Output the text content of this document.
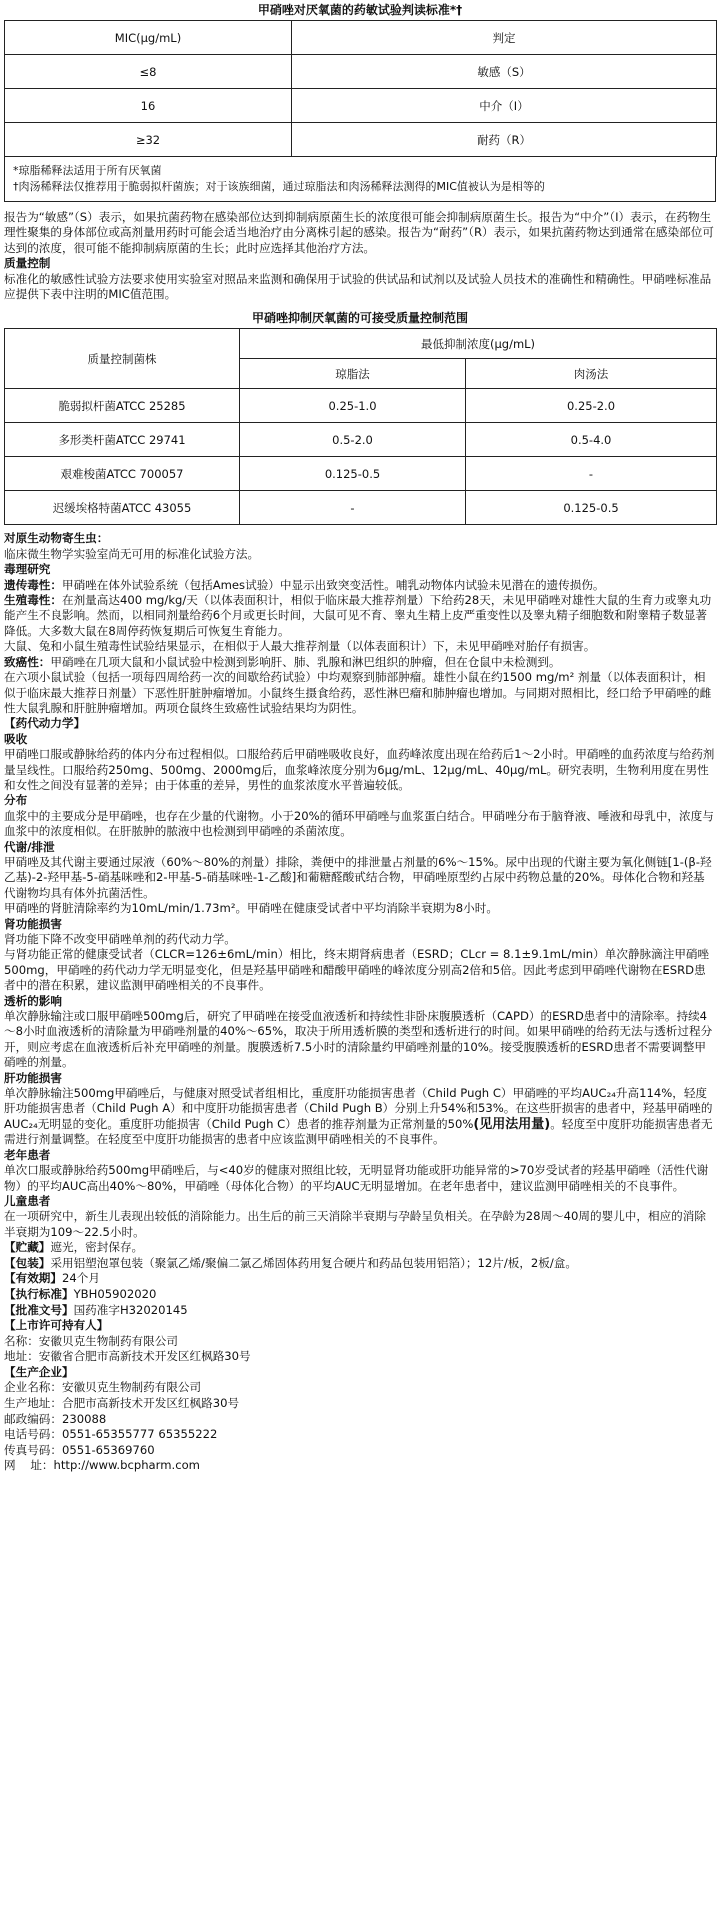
甲硝唑对厌氧菌的药敏试验判读标准*†
MIC(μg/mL)	判定
≤8	敏感（S）
16	中介（I）
≥32	耐药（R）
*琼脂稀释法适用于所有厌氧菌
†肉汤稀释法仅推荐用于脆弱拟杆菌族；对于该族细菌，通过琼脂法和肉汤稀释法测得的MIC值被认为是相等的

报告为“敏感”（S）表示，如果抗菌药物在感染部位达到抑制病原菌生长的浓度很可能会抑制病原菌生长。报告为“中介”（I）表示，在药物生理性聚集的身体部位或高剂量用药时可能会适当地治疗由分离株引起的感染。报告为“耐药”（R）表示，如果抗菌药物达到通常在感染部位可达到的浓度，很可能不能抑制病原菌的生长；此时应选择其他治疗方法。

质量控制

标准化的敏感性试验方法要求使用实验室对照品来监测和确保用于试验的供试品和试剂以及试验人员技术的准确性和精确性。甲硝唑标准品应提供下表中注明的MIC值范围。

甲硝唑抑制厌氧菌的可接受质量控制范围
质量控制菌株	最低抑制浓度(μg/mL)	
	琼脂法	肉汤法
脆弱拟杆菌ATCC 25285	0.25-1.0	0.25-2.0
多形类杆菌ATCC 29741	0.5-2.0	0.5-4.0
艰难梭菌ATCC 700057	0.125-0.5	-
迟缓埃格特菌ATCC 43055	-	0.125-0.5

对原生动物寄生虫：

临床微生物学实验室尚无可用的标准化试验方法。

毒理研究

遗传毒性：甲硝唑在体外试验系统（包括Ames试验）中显示出致突变活性。哺乳动物体内试验未见潜在的遗传损伤。

生殖毒性：在剂量高达400 mg/kg/天（以体表面积计，相似于临床最大推荐剂量）下给药28天，未见甲硝唑对雄性大鼠的生育力或睾丸功能产生不良影响。然而，以相同剂量给药6个月或更长时间，大鼠可见不育、睾丸生精上皮严重变性以及睾丸精子细胞数和附睾精子数显著降低。大多数大鼠在8周停药恢复期后可恢复生育能力。

大鼠、兔和小鼠生殖毒性试验结果显示，在相似于人最大推荐剂量（以体表面积计）下，未见甲硝唑对胎仔有损害。

致癌性：甲硝唑在几项大鼠和小鼠试验中检测到影响肝、肺、乳腺和淋巴组织的肿瘤，但在仓鼠中未检测到。

在六项小鼠试验（包括一项每四周给药一次的间歇给药试验）中均观察到肺部肿瘤。雄性小鼠在约1500 mg/m² 剂量（以体表面积计，相似于临床最大推荐日剂量）下恶性肝脏肿瘤增加。小鼠终生摄食给药，恶性淋巴瘤和肺肿瘤也增加。与同期对照相比，经口给予甲硝唑的雌性大鼠乳腺和肝脏肿瘤增加。两项仓鼠终生致癌性试验结果均为阴性。

【药代动力学】

吸收

甲硝唑口服或静脉给药的体内分布过程相似。口服给药后甲硝唑吸收良好，血药峰浓度出现在给药后1～2小时。甲硝唑的血药浓度与给药剂量呈线性。口服给药250mg、500mg、2000mg后，血浆峰浓度分别为6μg/mL、12μg/mL、40μg/mL。研究表明，生物利用度在男性和女性之间没有显著的差异；由于体重的差异，男性的血浆浓度水平普遍较低。

分布

血浆中的主要成分是甲硝唑，也存在少量的代谢物。小于20%的循环甲硝唑与血浆蛋白结合。甲硝唑分布于脑脊液、唾液和母乳中，浓度与血浆中的浓度相似。在肝脓肿的脓液中也检测到甲硝唑的杀菌浓度。

代谢/排泄

甲硝唑及其代谢主要通过尿液（60%～80%的剂量）排除，粪便中的排泄量占剂量的6%～15%。尿中出现的代谢主要为氧化侧链[1-(β-羟乙基)-2-羟甲基-5-硝基咪唑和2-甲基-5-硝基咪唑-1-乙酸]和葡糖醛酸甙结合物，甲硝唑原型约占尿中药物总量的20%。母体化合物和羟基代谢物均具有体外抗菌活性。

甲硝唑的肾脏清除率约为10mL/min/1.73m²。甲硝唑在健康受试者中平均消除半衰期为8小时。

肾功能损害

肾功能下降不改变甲硝唑单剂的药代动力学。

与肾功能正常的健康受试者（CLCR=126±6mL/min）相比，终末期肾病患者（ESRD；CLcr = 8.1±9.1mL/min）单次静脉滴注甲硝唑500mg，甲硝唑的药代动力学无明显变化，但是羟基甲硝唑和醋酸甲硝唑的峰浓度分别高2倍和5倍。因此考虑到甲硝唑代谢物在ESRD患者中的潜在积累，建议监测甲硝唑相关的不良事件。

透析的影响

单次静脉输注或口服甲硝唑500mg后，研究了甲硝唑在接受血液透析和持续性非卧床腹膜透析（CAPD）的ESRD患者中的清除率。持续4～8小时血液透析的清除量为甲硝唑剂量的40%～65%，取决于所用透析膜的类型和透析进行的时间。如果甲硝唑的给药无法与透析过程分开，则应考虑在血液透析后补充甲硝唑的剂量。腹膜透析7.5小时的清除量约甲硝唑剂量的10%。接受腹膜透析的ESRD患者不需要调整甲硝唑的剂量。

肝功能损害

单次静脉输注500mg甲硝唑后，与健康对照受试者组相比，重度肝功能损害患者（Child Pugh C）甲硝唑的平均AUC₂₄升高114%，轻度肝功能损害患者（Child Pugh A）和中度肝功能损害患者（Child Pugh B）分别上升54%和53%。在这些肝损害的患者中，羟基甲硝唑的AUC₂₄无明显的变化。重度肝功能损害（Child Pugh C）患者的推荐剂量为正常剂量的50%(见用法用量)。轻度至中度肝功能损害患者无需进行剂量调整。在轻度至中度肝功能损害的患者中应该监测甲硝唑相关的不良事件。

老年患者

单次口服或静脉给药500mg甲硝唑后，与<40岁的健康对照组比较，无明显肾功能或肝功能异常的>70岁受试者的羟基甲硝唑（活性代谢物）的平均AUC高出40%～80%，甲硝唑（母体化合物）的平均AUC无明显增加。在老年患者中，建议监测甲硝唑相关的不良事件。

儿童患者

在一项研究中，新生儿表现出较低的消除能力。出生后的前三天消除半衰期与孕龄呈负相关。在孕龄为28周～40周的婴儿中，相应的消除半衰期为109～22.5小时。

【贮藏】遮光，密封保存。
【包装】采用铝塑泡罩包装（聚氯乙烯/聚偏二氯乙烯固体药用复合硬片和药品包装用铝箔）；12片/板，2板/盒。
【有效期】24个月
【执行标准】YBH05902020
【批准文号】国药准字H32020145
【上市许可持有人】
名称：安徽贝克生物制药有限公司
地址：安徽省合肥市高新技术开发区红枫路30号
【生产企业】
企业名称：安徽贝克生物制药有限公司
生产地址：合肥市高新技术开发区红枫路30号
邮政编码：230088
电话号码：0551-65355777 65355222
传真号码：0551-65369760
网    址：http://www.bcpharm.com
